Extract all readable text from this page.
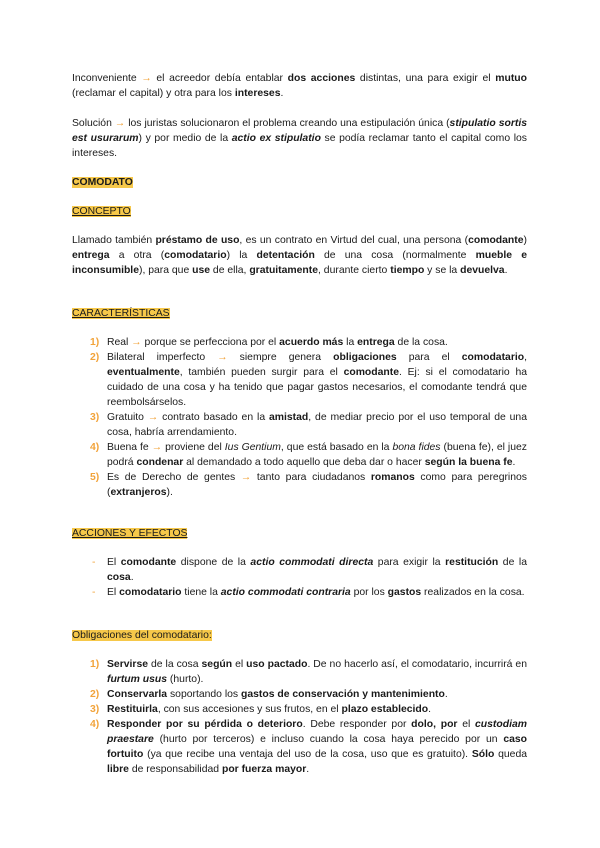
Inconveniente → el acreedor debía entablar dos acciones distintas, una para exigir el mutuo (reclamar el capital) y otra para los intereses.

Solución → los juristas solucionaron el problema creando una estipulación única (stipulatio sortis est usurarum) y por medio de la actio ex stipulatio se podía reclamar tanto el capital como los intereses.

COMODATO
CONCEPTO

Llamado también préstamo de uso, es un contrato en Virtud del cual, una persona (comodante) entrega a otra (comodatario) la detentación de una cosa (normalmente mueble e inconsumible), para que use de ella, gratuitamente, durante cierto tiempo y se la devuelva.

CARACTERÍSTICAS
1) Real → porque se perfecciona por el acuerdo más la entrega de la cosa.
2) Bilateral imperfecto → siempre genera obligaciones para el comodatario, eventualmente, también pueden surgir para el comodante. Ej: si el comodatario ha cuidado de una cosa y ha tenido que pagar gastos necesarios, el comodante tendrá que reembolsárselos.
3) Gratuito → contrato basado en la amistad, de mediar precio por el uso temporal de una cosa, habría arrendamiento.
4) Buena fe → proviene del Ius Gentium, que está basado en la bona fides (buena fe), el juez podrá condenar al demandado a todo aquello que deba dar o hacer según la buena fe.
5) Es de Derecho de gentes → tanto para ciudadanos romanos como para peregrinos (extranjeros).
ACCIONES Y EFECTOS
- El comodante dispone de la actio commodati directa para exigir la restitución de la cosa.
- El comodatario tiene la actio commodati contraria por los gastos realizados en la cosa.
Obligaciones del comodatario:
1) Servirse de la cosa según el uso pactado. De no hacerlo así, el comodatario, incurrirá en furtum usus (hurto).
2) Conservarla soportando los gastos de conservación y mantenimiento.
3) Restituirla, con sus accesiones y sus frutos, en el plazo establecido.
4) Responder por su pérdida o deterioro. Debe responder por dolo, por el custodiam praestare (hurto por terceros) e incluso cuando la cosa haya perecido por un caso fortuito (ya que recibe una ventaja del uso de la cosa, uso que es gratuito). Sólo queda libre de responsabilidad por fuerza mayor.
